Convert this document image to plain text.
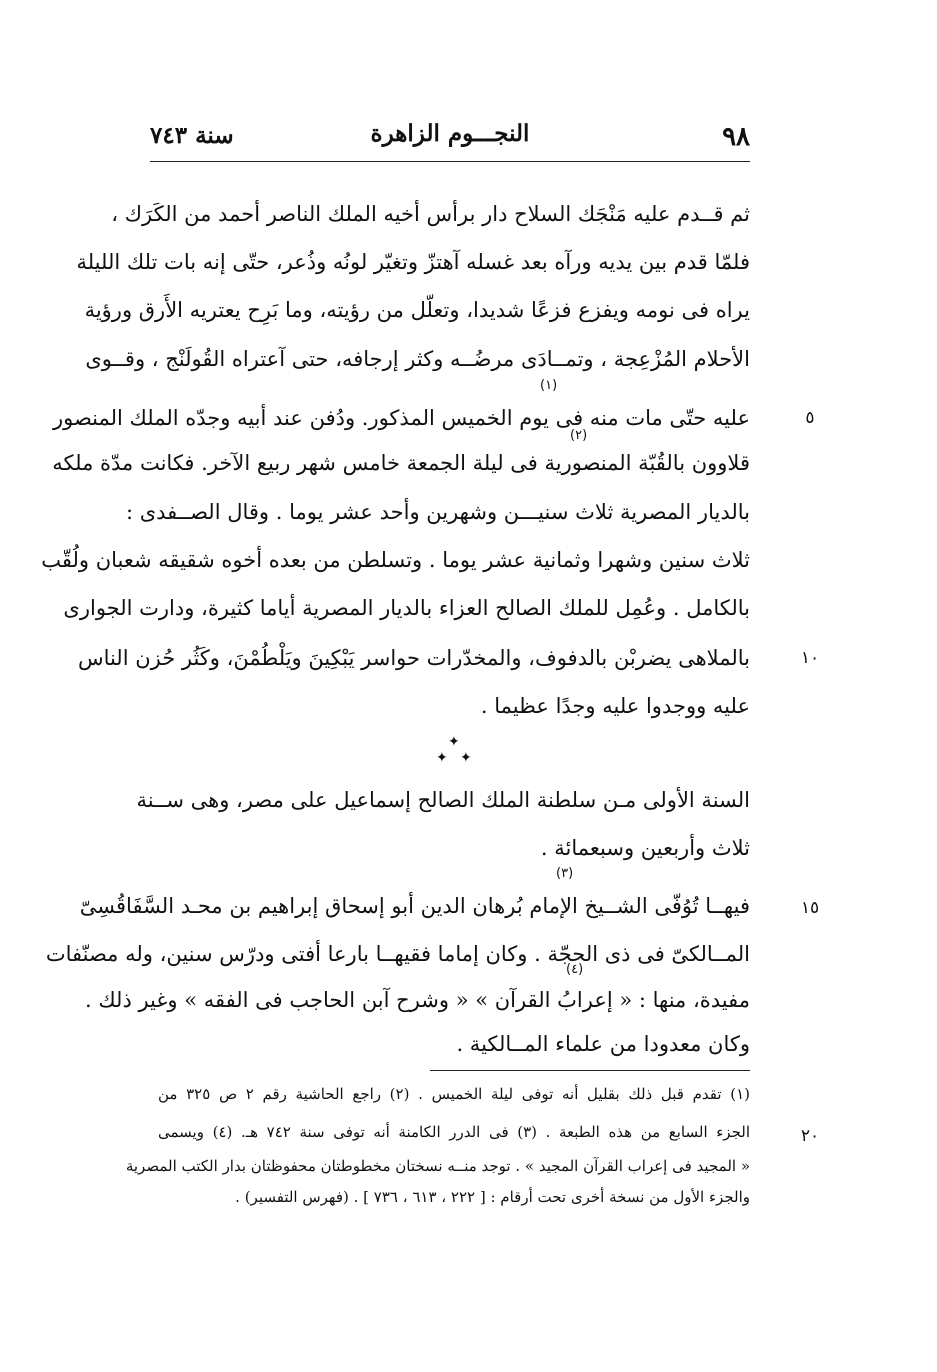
٩٨
النجـــوم الزاهرة
سنة ٧٤٣
ثم قــدم عليه مَنْجَك السلاح دار برأس أخيه الملك الناصر أحمد من الكَرَك ،
فلمّا قدم بين يديه ورآه بعد غسله آهتزّ وتغيّر لونُه وذُعر، حتّى إنه بات تلك الليلة
يراه فى نومه ويفزع فزعًا شديدا، وتعلّل من رؤيته، وما بَرِح يعتريه الأَرق ورؤية
الأحلام المُزْعِجة ، وتمــادَى مرضُــه وكثر إرجافه، حتى آعتراه القُولَنْج ، وقــوى
عليه حتّى مات منه فى يوم الخميس المذكور. ودُفن عند أبيه وجدّه الملك المنصور
قلاوون بالقُبّة المنصورية فى ليلة الجمعة خامس شهر ربيع الآخر. فكانت مدّة ملكه
بالديار المصرية ثلاث سنيـــن وشهرين وأحد عشر يوما . وقال الصــفدى :
ثلاث سنين وشهرا وثمانية عشر يوما . وتسلطن من بعده أخوه شقيقه شعبان ولُقّب
بالكامل . وعُمِل للملك الصالح العزاء بالديار المصرية أياما كثيرة، ودارت الجوارى
بالملاهى يضربْن بالدفوف، والمخدّرات حواسر يَبْكِينَ ويَلْطُمْنَ، وكَثُر حُزن الناس
عليه ووجدوا عليه وجدًا عظيما .
(١)
(٢)
٥
١٠
✦
✦ ✦
السنة الأولى مـن سلطنة الملك الصالح إسماعيل على مصر، وهى ســنة
ثلاث وأربعين وسبعمائة .
فيهــا تُوُفّى الشــيخ الإمام بُرهان الدين أبو إسحاق إبراهيم بن محـد السَّفَاقُسِىّ
المــالكىّ فى ذى الحجّة . وكان إماما فقيهــا بارعا أفتى ودرّس سنين، وله مصنّفات
مفيدة، منها : « إعرابُ القرآن » « وشرح آبن الحاجب فى الفقه » وغير ذلك .
وكان معدودا من علماء المــالكية .
(٣)
(٤)
١٥
(١) تقدم قبل ذلك بقليل أنه توفى ليلة الخميس . (٢) راجع الحاشية رقم ٢ ص ٣٢٥ من
الجزء السابع من هذه الطبعة . (٣) فى الدرر الكامنة أنه توفى سنة ٧٤٢ هـ. (٤) ويسمى
« المجيد فى إعراب القرآن المجيد » . توجد منــه نسختان مخطوطتان محفوظتان بدار الكتب المصرية
والجزء الأول من نسخة أخرى تحت أرقام : [ ٢٢٢ ، ٦١٣ ، ٧٣٦ ] . (فهرس التفسير) .
٢٠
